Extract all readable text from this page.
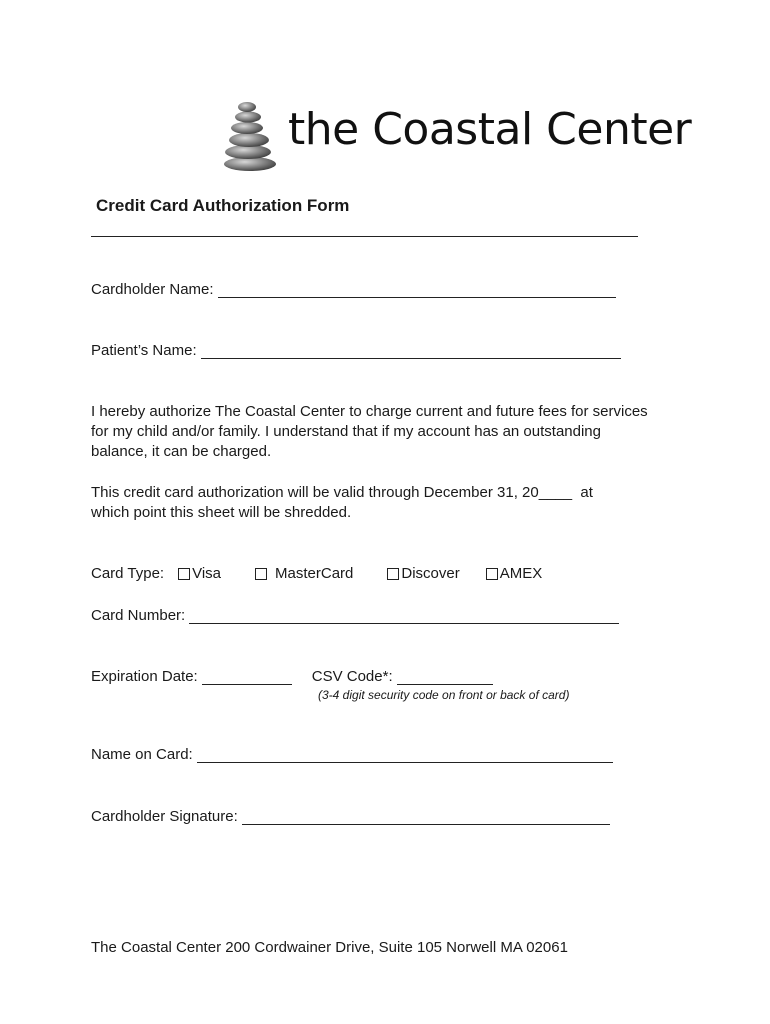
the Coastal Center
Credit Card Authorization Form
Cardholder Name:
Patient’s Name:
I hereby authorize The Coastal Center to charge current and future fees for services for my child and/or family. I understand that if my account has an outstanding balance, it can be charged.
This credit card authorization will be valid through December 31, 20____  at
which point this sheet will be shredded.
Card Type: Visa	MasterCard	Discover	AMEX
Card Number:
Expiration Date:	CSV Code*:
(3-4 digit security code on front or back of card)
Name on Card:
Cardholder Signature:
The Coastal Center 200 Cordwainer Drive, Suite 105 Norwell MA 02061
